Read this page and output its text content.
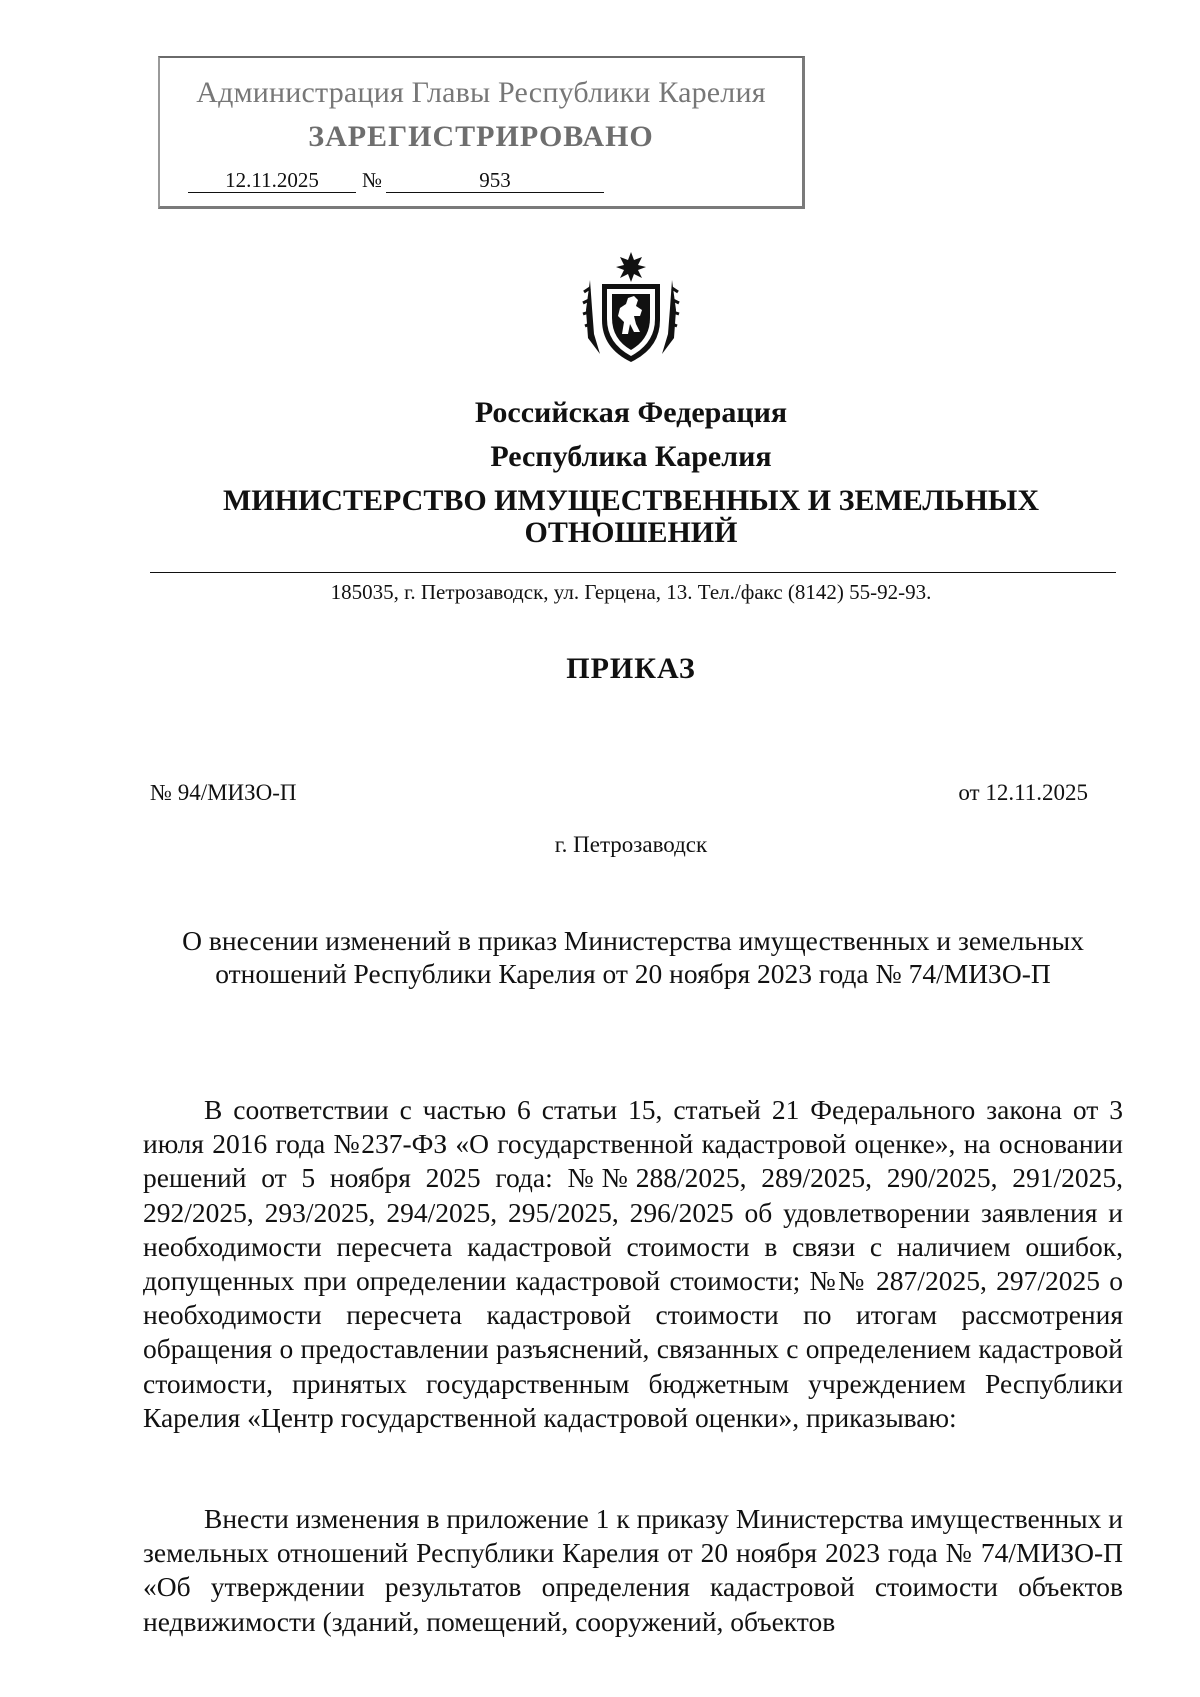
Администрация Главы Республики Карелия
ЗАРЕГИСТРИРОВАНО
12.11.2025	№	953
Российская Федерация
Республика Карелия
МИНИСТЕРСТВО ИМУЩЕСТВЕННЫХ И ЗЕМЕЛЬНЫХ
ОТНОШЕНИЙ
185035, г. Петрозаводск, ул. Герцена, 13. Тел./факс (8142) 55-92-93.
ПРИКАЗ
№ 94/МИЗО-П	от 12.11.2025
г. Петрозаводск
О внесении изменений в приказ Министерства имущественных и земельных
отношений Республики Карелия от 20 ноября 2023 года № 74/МИЗО-П

В соответствии с частью 6 статьи 15, статьей 21 Федерального закона от 3 июля 2016 года №237-ФЗ «О государственной кадастровой оценке», на основании решений от 5 ноября 2025 года: №№288/2025, 289/2025, 290/2025, 291/2025, 292/2025, 293/2025, 294/2025, 295/2025, 296/2025 об удовлетворении заявления и необходимости пересчета кадастровой стоимости в связи с наличием ошибок, допущенных при определении кадастровой стоимости; №№ 287/2025, 297/2025 о необходимости пересчета кадастровой стоимости по итогам рассмотрения обращения о предоставлении разъяснений, связанных с определением кадастровой стоимости, принятых государственным бюджетным учреждением Республики Карелия «Центр государственной кадастровой оценки», приказываю:

Внести изменения в приложение 1 к приказу Министерства имущественных и земельных отношений Республики Карелия от 20 ноября 2023 года № 74/МИЗО-П «Об утверждении результатов определения кадастровой стоимости объектов недвижимости (зданий, помещений, сооружений, объектов
